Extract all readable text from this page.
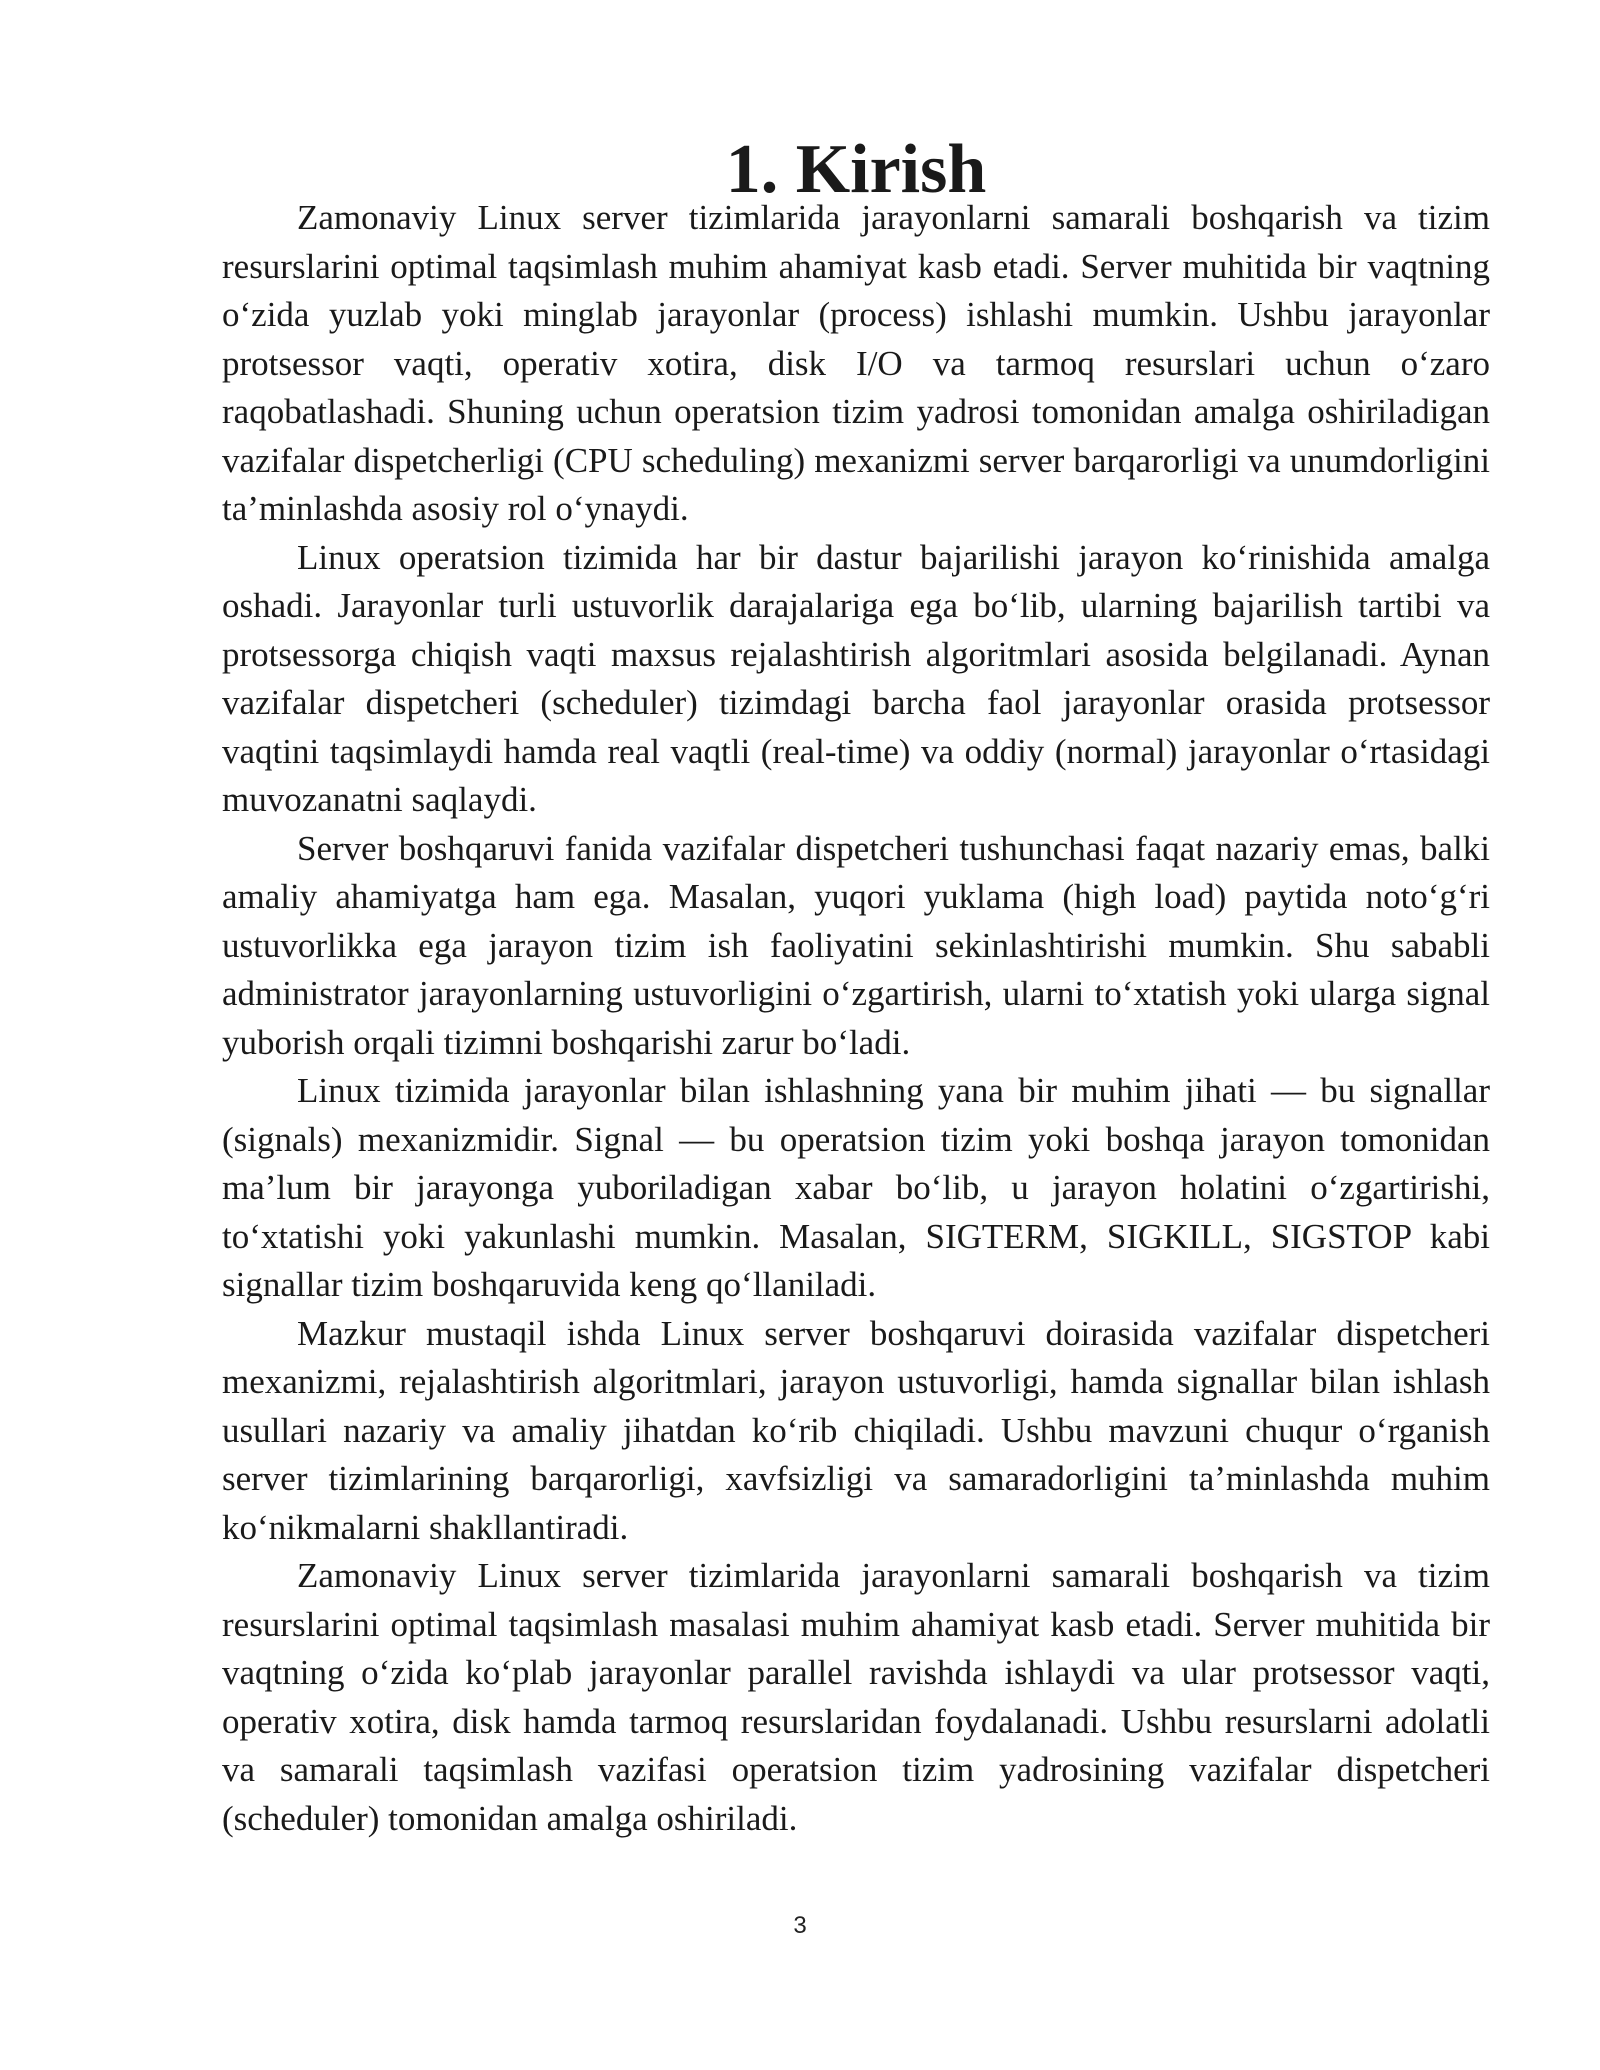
1. Kirish

Zamonaviy Linux server tizimlarida jarayonlarni samarali boshqarish va tizim resurslarini optimal taqsimlash muhim ahamiyat kasb etadi. Server muhitida bir vaqtning o‘zida yuzlab yoki minglab jarayonlar (process) ishlashi mumkin. Ushbu jarayonlar protsessor vaqti, operativ xotira, disk I/O va tarmoq resurslari uchun o‘zaro raqobatlashadi. Shuning uchun operatsion tizim yadrosi tomonidan amalga oshiriladigan vazifalar dispetcherligi (CPU scheduling) mexanizmi server barqarorligi va unumdorligini ta’minlashda asosiy rol o‘ynaydi.

Linux operatsion tizimida har bir dastur bajarilishi jarayon ko‘rinishida amalga oshadi. Jarayonlar turli ustuvorlik darajalariga ega bo‘lib, ularning bajarilish tartibi va protsessorga chiqish vaqti maxsus rejalashtirish algoritmlari asosida belgilanadi. Aynan vazifalar dispetcheri (scheduler) tizimdagi barcha faol jarayonlar orasida protsessor vaqtini taqsimlaydi hamda real vaqtli (real-time) va oddiy (normal) jarayonlar o‘rtasidagi muvozanatni saqlaydi.

Server boshqaruvi fanida vazifalar dispetcheri tushunchasi faqat nazariy emas, balki amaliy ahamiyatga ham ega. Masalan, yuqori yuklama (high load) paytida noto‘g‘ri ustuvorlikka ega jarayon tizim ish faoliyatini sekinlashtirishi mumkin. Shu sababli administrator jarayonlarning ustuvorligini o‘zgartirish, ularni to‘xtatish yoki ularga signal yuborish orqali tizimni boshqarishi zarur bo‘ladi.

Linux tizimida jarayonlar bilan ishlashning yana bir muhim jihati — bu signallar (signals) mexanizmidir. Signal — bu operatsion tizim yoki boshqa jarayon tomonidan ma’lum bir jarayonga yuboriladigan xabar bo‘lib, u jarayon holatini o‘zgartirishi, to‘xtatishi yoki yakunlashi mumkin. Masalan, SIGTERM, SIGKILL, SIGSTOP kabi signallar tizim boshqaruvida keng qo‘llaniladi.

Mazkur mustaqil ishda Linux server boshqaruvi doirasida vazifalar dispetcheri mexanizmi, rejalashtirish algoritmlari, jarayon ustuvorligi, hamda signallar bilan ishlash usullari nazariy va amaliy jihatdan ko‘rib chiqiladi. Ushbu mavzuni chuqur o‘rganish server tizimlarining barqarorligi, xavfsizligi va samaradorligini ta’minlashda muhim ko‘nikmalarni shakllantiradi.

Zamonaviy Linux server tizimlarida jarayonlarni samarali boshqarish va tizim resurslarini optimal taqsimlash masalasi muhim ahamiyat kasb etadi. Server muhitida bir vaqtning o‘zida ko‘plab jarayonlar parallel ravishda ishlaydi va ular protsessor vaqti, operativ xotira, disk hamda tarmoq resurslaridan foydalanadi. Ushbu resurslarni adolatli va samarali taqsimlash vazifasi operatsion tizim yadrosining vazifalar dispetcheri (scheduler) tomonidan amalga oshiriladi.

3
